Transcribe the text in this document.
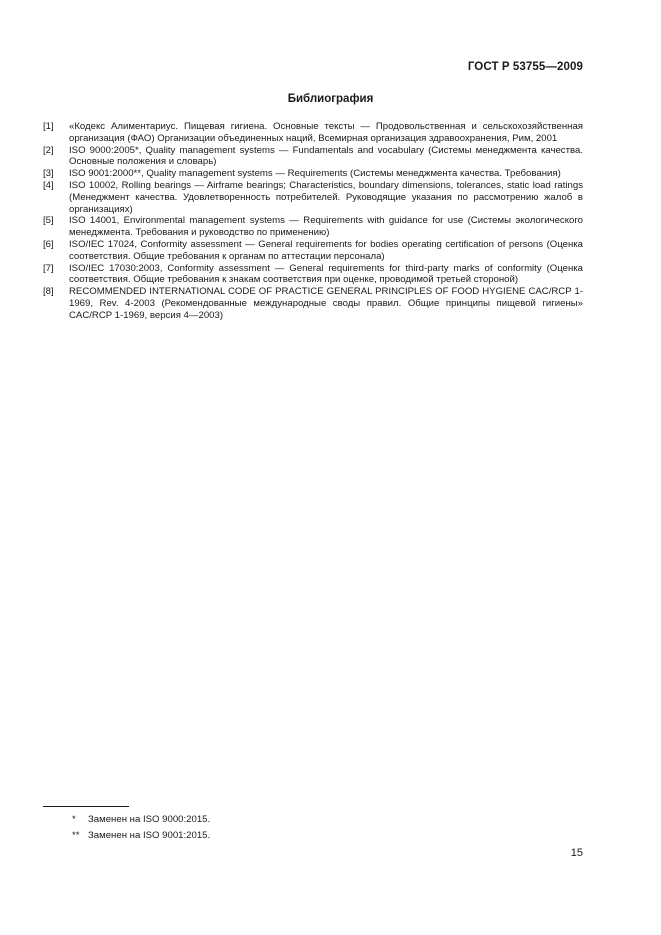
ГОСТ Р 53755—2009
Библиография
[1]	«Кодекс Алиментариус. Пищевая гигиена. Основные тексты — Продовольственная и сельскохозяйственная организация (ФАО) Организации объединенных наций, Всемирная организация здравоохранения, Рим, 2001
[2]	ISO 9000:2005*, Quality management systems — Fundamentals and vocabulary (Системы менеджмента качества. Основные положения и словарь)
[3]	ISO 9001:2000**, Quality management systems — Requirements (Системы менеджмента качества. Требования)
[4]	ISO 10002, Rolling bearings — Airframe bearings; Characteristics, boundary dimensions, tolerances, static load ratings (Менеджмент качества. Удовлетворенность потребителей. Руководящие указания по рассмотрению жалоб в организациях)
[5]	ISO 14001, Environmental management systems — Requirements with guidance for use (Системы экологического менеджмента. Требования и руководство по применению)
[6]	ISO/IEC 17024, Conformity assessment — General requirements for bodies operating certification of persons (Оценка соответствия. Общие требования к органам по аттестации персонала)
[7]	ISO/IEC 17030:2003, Conformity assessment — General requirements for third-party marks of conformity (Оценка соответствия. Общие требования к знакам соответствия при оценке, проводимой третьей стороной)
[8]	RECOMMENDED INTERNATIONAL CODE OF PRACTICE GENERAL PRINCIPLES OF FOOD HYGIENE CAC/RCP 1-1969, Rev. 4-2003 (Рекомендованные международные своды правил. Общие принципы пищевой гигиены» CAC/RCP 1-1969, версия 4—2003)
*	Заменен на ISO 9000:2015.
** Заменен на ISO 9001:2015.
15
